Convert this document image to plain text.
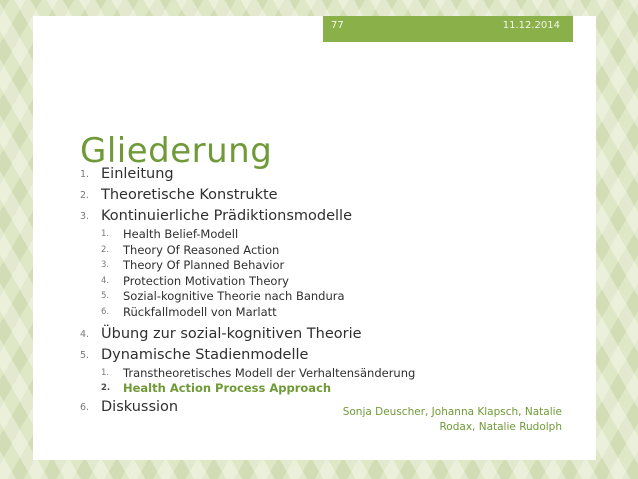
77	11.12.2014
Gliederung
1. Einleitung
2. Theoretische Konstrukte
3. Kontinuierliche Prädiktionsmodelle
1. Health Belief-Modell
2. Theory Of Reasoned Action
3. Theory Of Planned Behavior
4. Protection Motivation Theory
5. Sozial-kognitive Theorie nach Bandura
6. Rückfallmodell von Marlatt
4. Übung zur sozial-kognitiven Theorie
5. Dynamische Stadienmodelle
1. Transtheoretisches Modell der Verhaltensänderung
2. Health Action Process Approach
6. Diskussion	Sonja Deuscher, Johanna Klapsch, Natalie
Rodax, Natalie Rudolph
